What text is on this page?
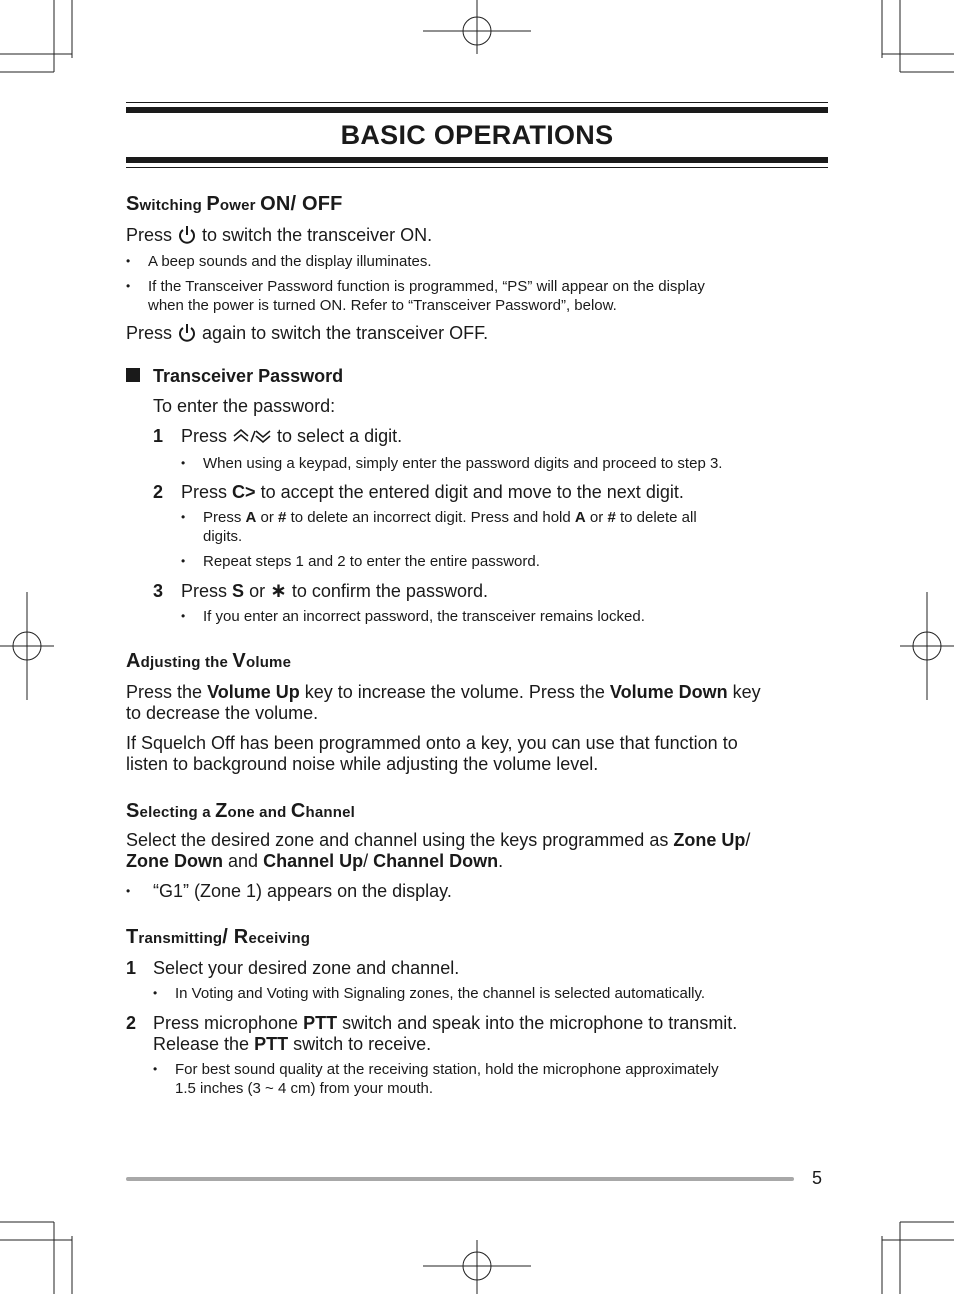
BASIC OPERATIONS
Switching Power ON/ OFF
Press to switch the transceiver ON.
• A beep sounds and the display illuminates.
• If the Transceiver Password function is programmed, “PS” will appear on the display
when the power is turned ON. Refer to “Transceiver Password”, below.
Press again to switch the transceiver OFF.
Transceiver Password
To enter the password:
1 Press	to select a digit.
• When using a keypad, simply enter the password digits and proceed to step 3.
2 Press C> to accept the entered digit and move to the next digit.
• Press A or # to delete an incorrect digit. Press and hold A or # to delete all
digits.
• Repeat steps 1 and 2 to enter the entire password.
3 Press S or ∗ to confirm the password.
• If you enter an incorrect password, the transceiver remains locked.
Adjusting the Volume
Press the Volume Up key to increase the volume. Press the Volume Down key
to decrease the volume.
If Squelch Off has been programmed onto a key, you can use that function to
listen to background noise while adjusting the volume level.
Selecting a Zone and Channel
Select the desired zone and channel using the keys programmed as Zone Up/
Zone Down and Channel Up/ Channel Down.
• “G1” (Zone 1) appears on the display.
Transmitting/ Receiving
1 Select your desired zone and channel.
• In Voting and Voting with Signaling zones, the channel is selected automatically.
2 Press microphone PTT switch and speak into the microphone to transmit.
Release the PTT switch to receive.
• For best sound quality at the receiving station, hold the microphone approximately
1.5 inches (3 ~ 4 cm) from your mouth.
5
